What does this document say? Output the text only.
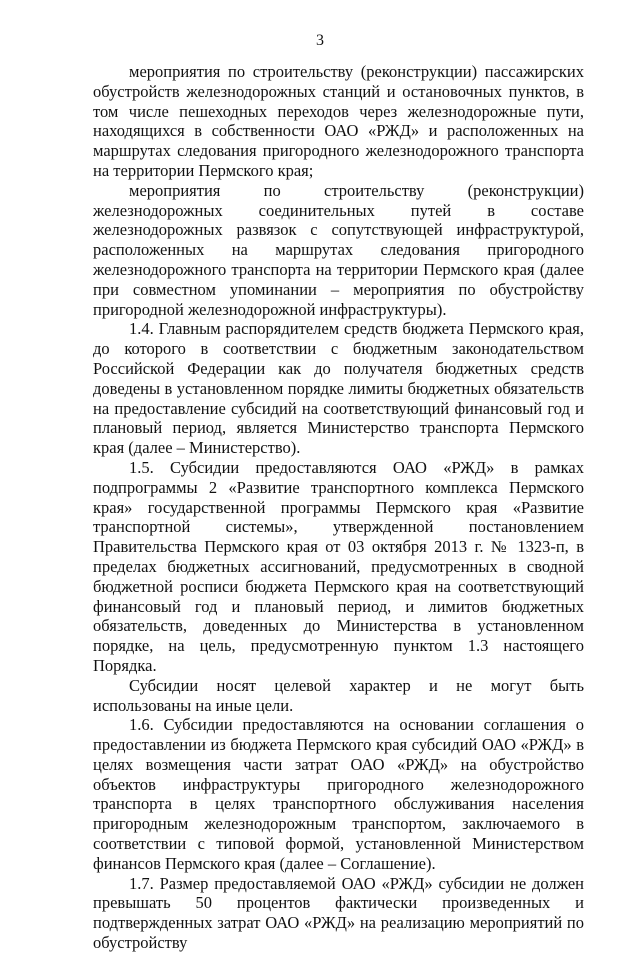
3

мероприятия по строительству (реконструкции) пассажирских обустройств железнодорожных станций и остановочных пунктов, в том числе пешеходных переходов через железнодорожные пути, находящихся в собственности ОАО «РЖД» и расположенных на маршрутах следования пригородного железнодорожного транспорта на территории Пермского края;

мероприятия по строительству (реконструкции) железнодорожных соединительных путей в составе железнодорожных развязок с сопутствующей инфраструктурой, расположенных на маршрутах следования пригородного железнодорожного транспорта на территории Пермского края (далее при совместном упоминании – мероприятия по обустройству пригородной железнодорожной инфраструктуры).

1.4. Главным распорядителем средств бюджета Пермского края, до которого в соответствии с бюджетным законодательством Российской Федерации как до получателя бюджетных средств доведены в установленном порядке лимиты бюджетных обязательств на предоставление субсидий на соответствующий финансовый год и плановый период, является Министерство транспорта Пермского края (далее – Министерство).

1.5. Субсидии предоставляются ОАО «РЖД» в рамках подпрограммы 2 «Развитие транспортного комплекса Пермского края» государственной программы Пермского края «Развитие транспортной системы», утвержденной постановлением Правительства Пермского края от 03 октября 2013 г. № 1323-п, в пределах бюджетных ассигнований, предусмотренных в сводной бюджетной росписи бюджета Пермского края на соответствующий финансовый год и плановый период, и лимитов бюджетных обязательств, доведенных до Министерства в установленном порядке, на цель, предусмотренную пунктом 1.3 настоящего Порядка.

Субсидии носят целевой характер и не могут быть использованы на иные цели.

1.6. Субсидии предоставляются на основании соглашения о предоставлении из бюджета Пермского края субсидий ОАО «РЖД» в целях возмещения части затрат ОАО «РЖД» на обустройство объектов инфраструктуры пригородного железнодорожного транспорта в целях транспортного обслуживания населения пригородным железнодорожным транспортом, заключаемого в соответствии с типовой формой, установленной Министерством финансов Пермского края (далее – Соглашение).

1.7. Размер предоставляемой ОАО «РЖД» субсидии не должен превышать 50 процентов фактически произведенных и подтвержденных затрат ОАО «РЖД» на реализацию мероприятий по обустройству
